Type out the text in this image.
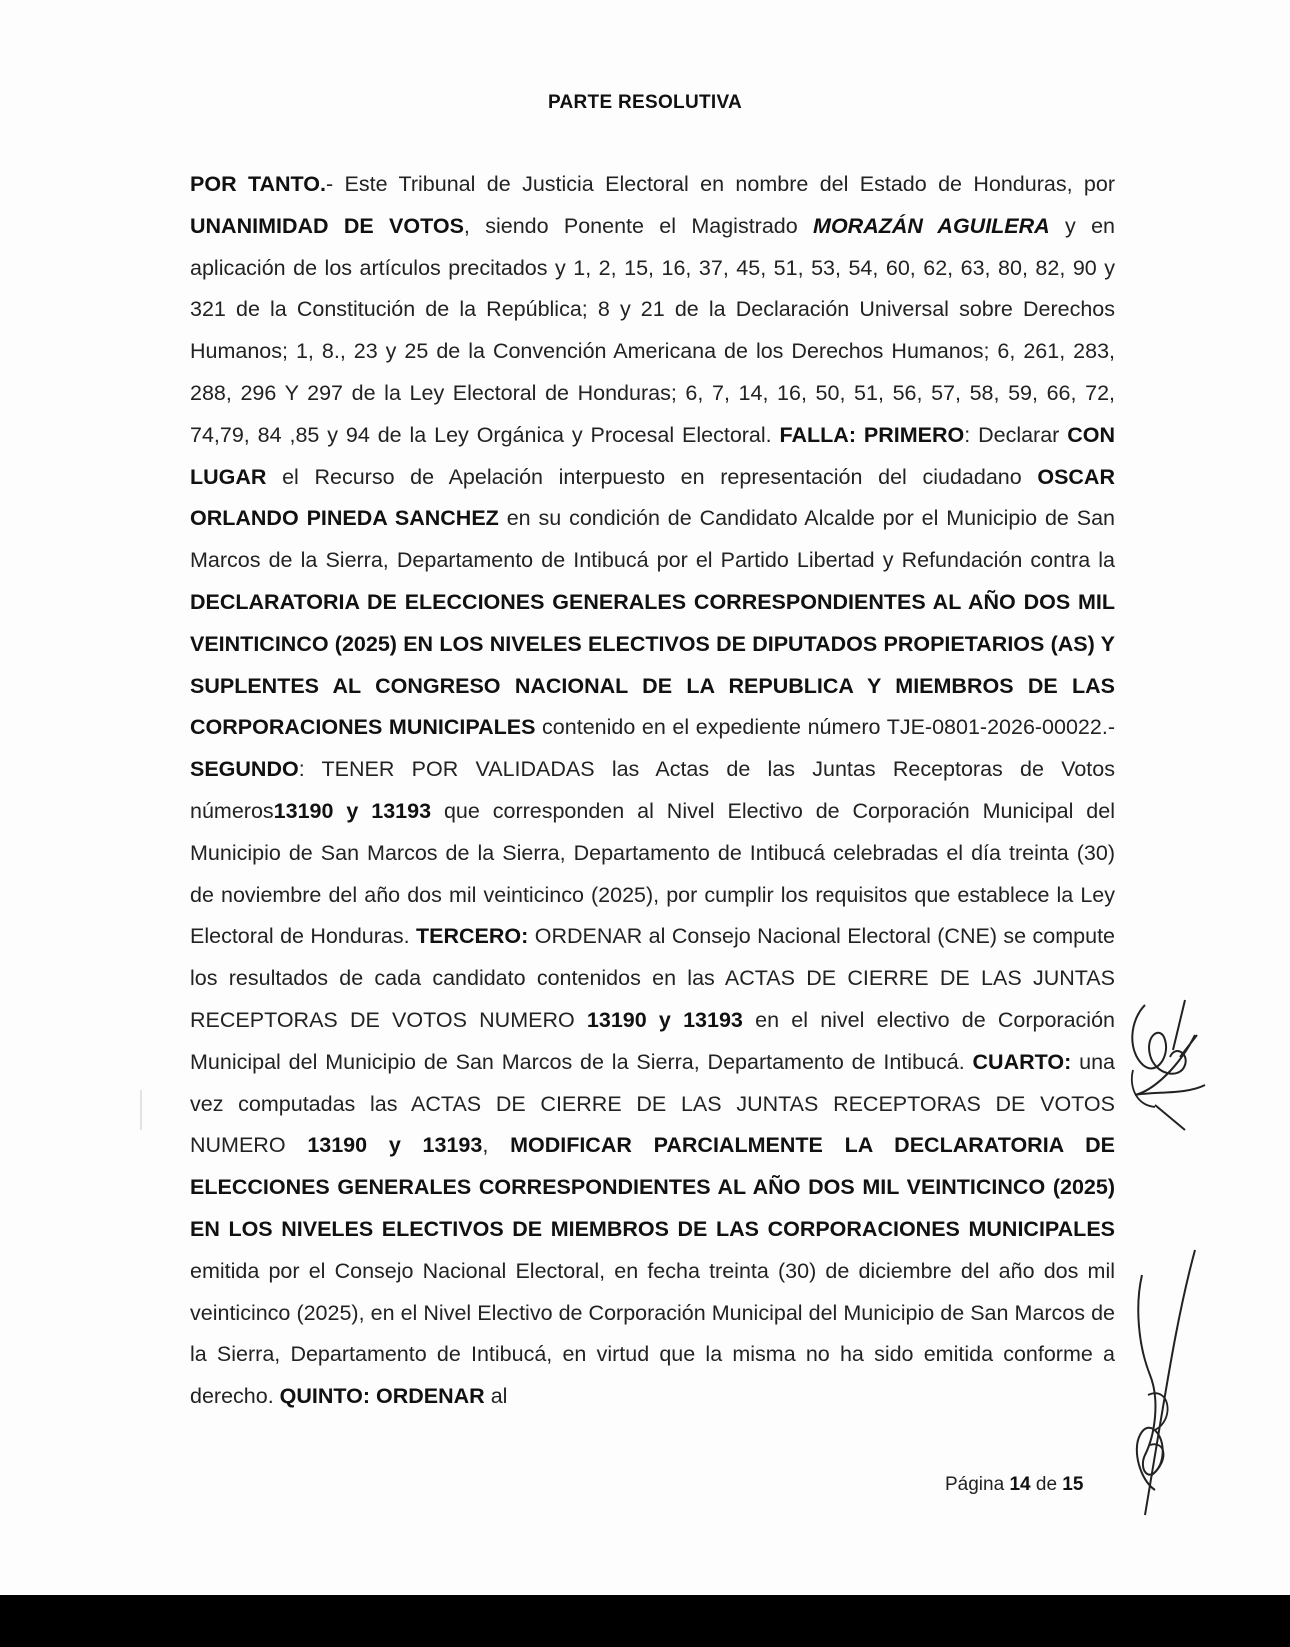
PARTE RESOLUTIVA
POR TANTO.- Este Tribunal de Justicia Electoral en nombre del Estado de Honduras, por UNANIMIDAD DE VOTOS, siendo Ponente el Magistrado MORAZÁN AGUILERA y en aplicación de los artículos precitados y 1, 2, 15, 16, 37, 45, 51, 53, 54, 60, 62, 63, 80, 82, 90 y 321 de la Constitución de la República; 8 y 21 de la Declaración Universal sobre Derechos Humanos; 1, 8., 23 y 25 de la Convención Americana de los Derechos Humanos; 6, 261, 283, 288, 296 Y 297 de la Ley Electoral de Honduras; 6, 7, 14, 16, 50, 51, 56, 57, 58, 59, 66, 72, 74,79, 84 ,85 y 94 de la Ley Orgánica y Procesal Electoral. FALLA: PRIMERO: Declarar CON LUGAR el Recurso de Apelación interpuesto en representación del ciudadano OSCAR ORLANDO PINEDA SANCHEZ en su condición de Candidato Alcalde por el Municipio de San Marcos de la Sierra, Departamento de Intibucá por el Partido Libertad y Refundación contra la DECLARATORIA DE ELECCIONES GENERALES CORRESPONDIENTES AL AÑO DOS MIL VEINTICINCO (2025) EN LOS NIVELES ELECTIVOS DE DIPUTADOS PROPIETARIOS (AS) Y SUPLENTES AL CONGRESO NACIONAL DE LA REPUBLICA Y MIEMBROS DE LAS CORPORACIONES MUNICIPALES contenido en el expediente número TJE-0801-2026-00022.- SEGUNDO: TENER POR VALIDADAS las Actas de las Juntas Receptoras de Votos números13190 y 13193 que corresponden al Nivel Electivo de Corporación Municipal del Municipio de San Marcos de la Sierra, Departamento de Intibucá celebradas el día treinta (30) de noviembre del año dos mil veinticinco (2025), por cumplir los requisitos que establece la Ley Electoral de Honduras. TERCERO: ORDENAR al Consejo Nacional Electoral (CNE) se compute los resultados de cada candidato contenidos en las ACTAS DE CIERRE DE LAS JUNTAS RECEPTORAS DE VOTOS NUMERO 13190 y 13193 en el nivel electivo de Corporación Municipal del Municipio de San Marcos de la Sierra, Departamento de Intibucá. CUARTO: una vez computadas las ACTAS DE CIERRE DE LAS JUNTAS RECEPTORAS DE VOTOS NUMERO 13190 y 13193, MODIFICAR PARCIALMENTE LA DECLARATORIA DE ELECCIONES GENERALES CORRESPONDIENTES AL AÑO DOS MIL VEINTICINCO (2025) EN LOS NIVELES ELECTIVOS DE MIEMBROS DE LAS CORPORACIONES MUNICIPALES emitida por el Consejo Nacional Electoral, en fecha treinta (30) de diciembre del año dos mil veinticinco (2025), en el Nivel Electivo de Corporación Municipal del Municipio de San Marcos de la Sierra, Departamento de Intibucá, en virtud que la misma no ha sido emitida conforme a derecho. QUINTO: ORDENAR al
Página 14 de 15
